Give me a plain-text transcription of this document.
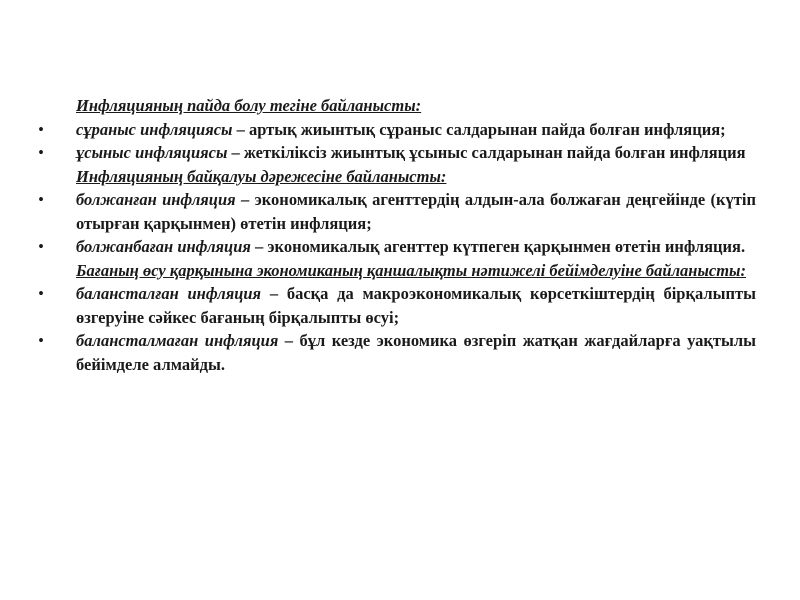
Инфляцияның пайда болу тегіне байланысты:
• сұраныс инфляциясы – артық жиынтық сұраныс салдарынан пайда болған инфляция;
• ұсыныс инфляциясы – жеткіліксіз жиынтық ұсыныс салдарынан пайда болған инфляция
Инфляцияның байқалуы дәрежесіне байланысты:
• болжанған инфляция – экономикалық агенттердің алдын-ала болжаған деңгейінде (күтіп отырған қарқынмен) өтетін инфляция;
• болжанбаған инфляция – экономикалық агенттер күтпеген қарқынмен өтетін инфляция.
Бағаның өсу қарқынына экономиканың қаншалықты нәтижелі бейімделуіне байланысты:
• балансталған инфляция – басқа да макроэкономикалық көрсеткіштердің бірқалыпты өзгеруіне сәйкес бағаның бірқалыпты өсуі;
• балансталмаған инфляция – бұл кезде экономика өзгеріп жатқан жағдайларға уақтылы бейімделе алмайды.
